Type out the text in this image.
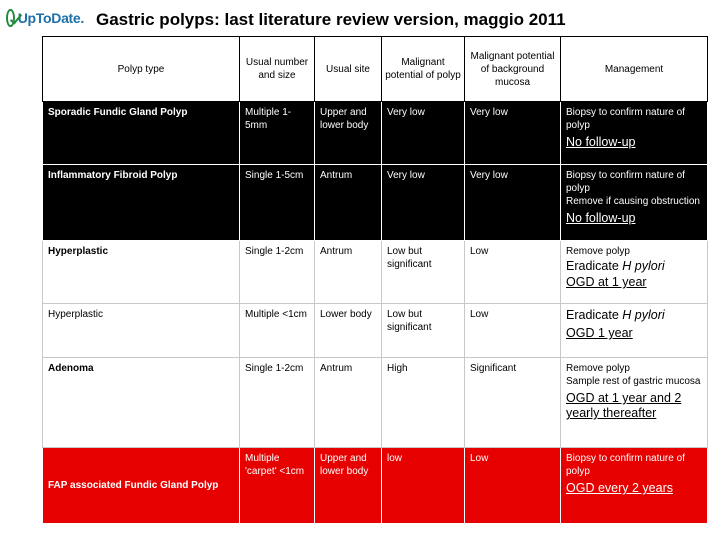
UpToDate. Gastric polyps: last literature review version, maggio 2011
Polyp type	Usual number and size	Usual site	Malignant potential of polyp	Malignant potential of background mucosa	Management
Sporadic Fundic Gland Polyp	Multiple 1-5mm	Upper and lower body	Very low	Very low	Biopsy to confirm nature of polyp
No follow-up

Inflammatory Fibroid Polyp	Single 1-5cm	Antrum	Very low	Very low	Biopsy to confirm nature of polyp
Remove if causing obstruction
No follow-up

Hyperplastic	Single 1-2cm	Antrum	Low but significant	Low	Remove polyp
Eradicate H pylori
OGD at 1 year

Hyperplastic	Multiple <1cm	Lower body	Low but significant	Low	Eradicate H pylori
OGD 1 year

Adenoma	Single 1-2cm	Antrum	High	Significant	Remove polyp
Sample rest of gastric mucosa
OGD at 1 year and 2 yearly thereafter

FAP associated Fundic Gland Polyp	Multiple 'carpet' <1cm	Upper and lower body	low	Low	Biopsy to confirm nature of polyp
OGD every 2 years
